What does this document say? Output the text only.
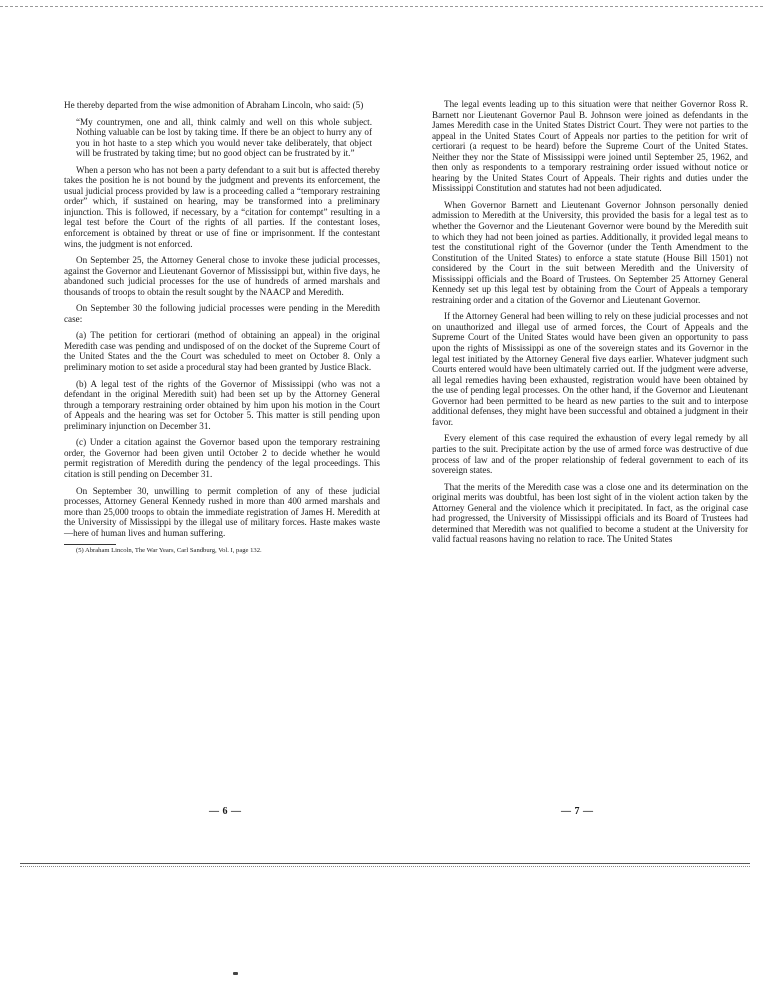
He thereby departed from the wise admonition of Abraham Lincoln, who said: (5)

“My countrymen, one and all, think calmly and well on this whole subject. Nothing valuable can be lost by taking time. If there be an object to hurry any of you in hot haste to a step which you would never take deliberately, that object will be frustrated by taking time; but no good object can be frustrated by it.”

When a person who has not been a party defendant to a suit but is affected thereby takes the position he is not bound by the judgment and prevents its enforcement, the usual judicial process provided by law is a proceeding called a “temporary restraining order” which, if sustained on hearing, may be transformed into a preliminary injunction. This is followed, if necessary, by a “citation for contempt” resulting in a legal test before the Court of the rights of all parties. If the contestant loses, enforcement is obtained by threat or use of fine or imprisonment. If the contestant wins, the judgment is not enforced.

On September 25, the Attorney General chose to invoke these judicial processes, against the Governor and Lieutenant Governor of Mississippi but, within five days, he abandoned such judicial processes for the use of hundreds of armed marshals and thousands of troops to obtain the result sought by the NAACP and Meredith.

On September 30 the following judicial processes were pending in the Meredith case:

(a) The petition for certiorari (method of obtaining an appeal) in the original Meredith case was pending and undisposed of on the docket of the Supreme Court of the United States and the the Court was scheduled to meet on October 8. Only a preliminary motion to set aside a procedural stay had been granted by Justice Black.

(b) A legal test of the rights of the Governor of Mississippi (who was not a defendant in the original Meredith suit) had been set up by the Attorney General through a temporary restraining order obtained by him upon his motion in the Court of Appeals and the hearing was set for October 5. This matter is still pending upon preliminary injunction on December 31.

(c) Under a citation against the Governor based upon the temporary restraining order, the Governor had been given until October 2 to decide whether he would permit registration of Meredith during the pendency of the legal proceedings. This citation is still pending on December 31.

On September 30, unwilling to permit completion of any of these judicial processes, Attorney General Kennedy rushed in more than 400 armed marshals and more than 25,000 troops to obtain the immediate registration of James H. Meredith at the University of Mississippi by the illegal use of military forces. Haste makes waste—here of human lives and human suffering.

(5) Abraham Lincoln, The War Years, Carl Sandburg, Vol. I, page 132.

The legal events leading up to this situation were that neither Governor Ross R. Barnett nor Lieutenant Governor Paul B. Johnson were joined as defendants in the James Meredith case in the United States District Court. They were not parties to the appeal in the United States Court of Appeals nor parties to the petition for writ of certiorari (a request to be heard) before the Supreme Court of the United States. Neither they nor the State of Mississippi were joined until September 25, 1962, and then only as respondents to a temporary restraining order issued without notice or hearing by the United States Court of Appeals. Their rights and duties under the Mississippi Constitution and statutes had not been adjudicated.

When Governor Barnett and Lieutenant Governor Johnson personally denied admission to Meredith at the University, this provided the basis for a legal test as to whether the Governor and the Lieutenant Governor were bound by the Meredith suit to which they had not been joined as parties. Additionally, it provided legal means to test the constitutional right of the Governor (under the Tenth Amendment to the Constitution of the United States) to enforce a state statute (House Bill 1501) not considered by the Court in the suit between Meredith and the University of Mississippi officials and the Board of Trustees. On September 25 Attorney General Kennedy set up this legal test by obtaining from the Court of Appeals a temporary restraining order and a citation of the Governor and Lieutenant Governor.

If the Attorney General had been willing to rely on these judicial processes and not on unauthorized and illegal use of armed forces, the Court of Appeals and the Supreme Court of the United States would have been given an opportunity to pass upon the rights of Mississippi as one of the sovereign states and its Governor in the legal test initiated by the Attorney General five days earlier. Whatever judgment such Courts entered would have been ultimately carried out. If the judgment were adverse, all legal remedies having been exhausted, registration would have been obtained by the use of pending legal processes. On the other hand, if the Governor and Lieutenant Governor had been permitted to be heard as new parties to the suit and to interpose additional defenses, they might have been successful and obtained a judgment in their favor.

Every element of this case required the exhaustion of every legal remedy by all parties to the suit. Precipitate action by the use of armed force was destructive of due process of law and of the proper relationship of federal government to each of its sovereign states.

That the merits of the Meredith case was a close one and its determination on the original merits was doubtful, has been lost sight of in the violent action taken by the Attorney General and the violence which it precipitated. In fact, as the original case had progressed, the University of Mississippi officials and its Board of Trustees had determined that Meredith was not qualified to become a student at the University for valid factual reasons having no relation to race. The United States

— 6 —	— 7 —
